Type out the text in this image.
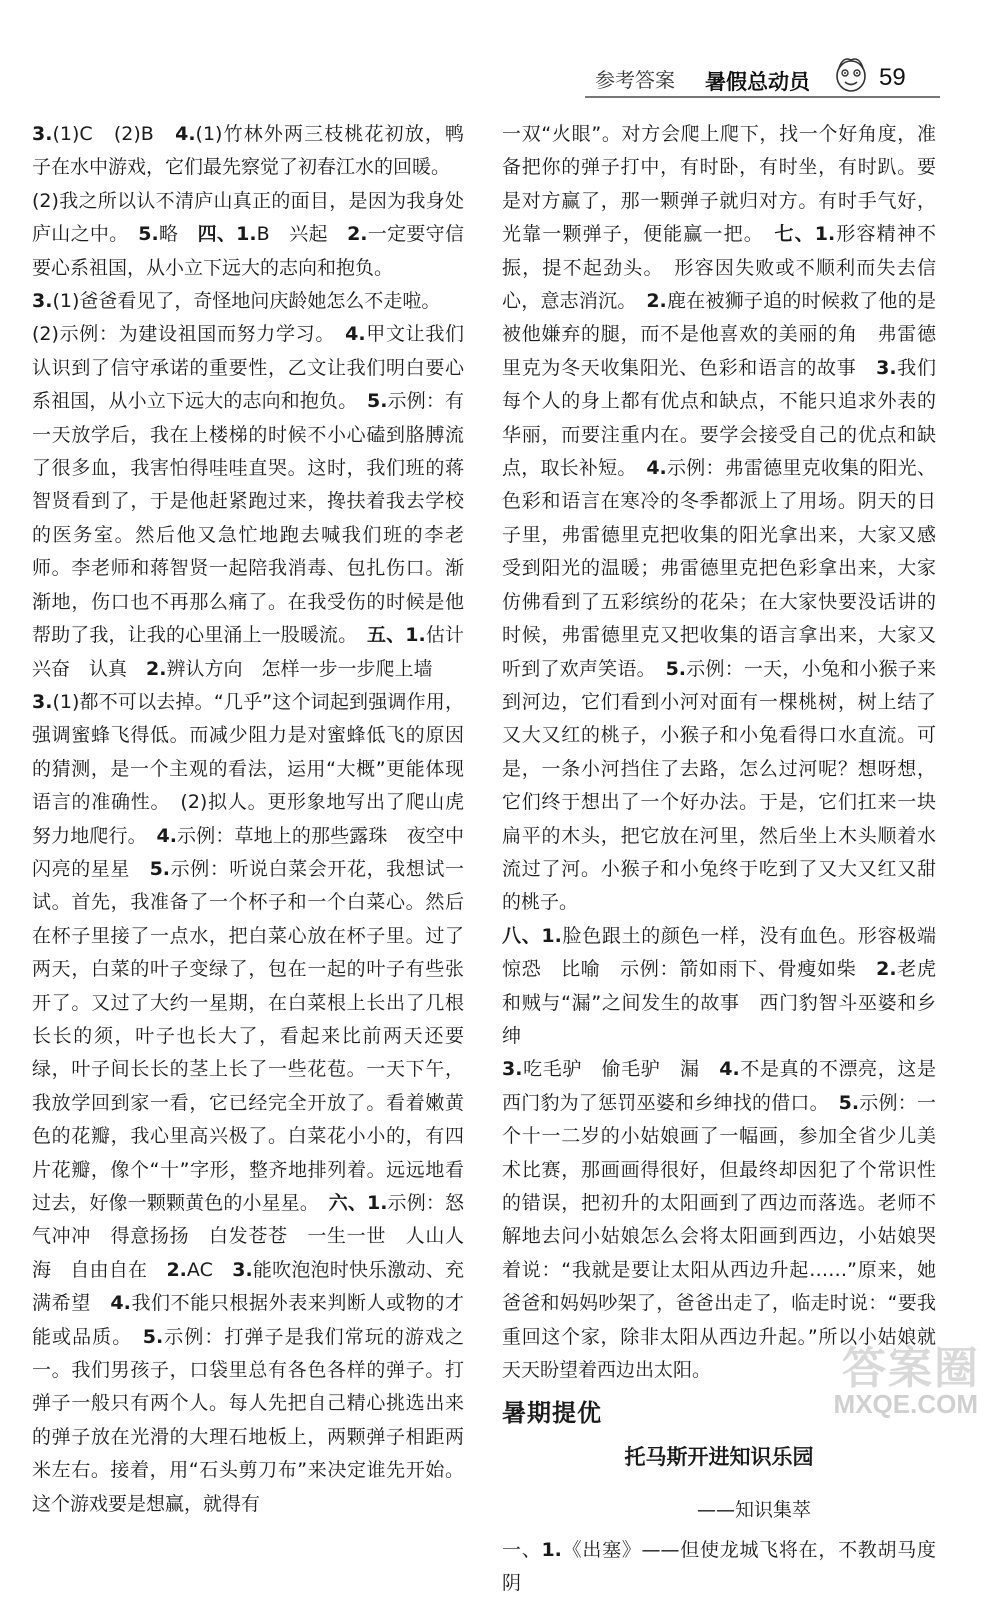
参考答案 暑假总动员	59

3.(1)C　(2)B　4.(1)竹林外两三枝桃花初放，鸭子在水中游戏，它们最先察觉了初春江水的回暖。

(2)我之所以认不清庐山真正的面目，是因为我身处庐山之中。　5.略　四、1.B　兴起　2.一定要守信　要心系祖国，从小立下远大的志向和抱负。

3.(1)爸爸看见了，奇怪地问庆龄她怎么不走啦。

(2)示例：为建设祖国而努力学习。　4.甲文让我们认识到了信守承诺的重要性，乙文让我们明白要心系祖国，从小立下远大的志向和抱负。　5.示例：有一天放学后，我在上楼梯的时候不小心磕到胳膊流了很多血，我害怕得哇哇直哭。这时，我们班的蒋智贤看到了，于是他赶紧跑过来，搀扶着我去学校的医务室。然后他又急忙地跑去喊我们班的李老师。李老师和蒋智贤一起陪我消毒、包扎伤口。渐渐地，伤口也不再那么痛了。在我受伤的时候是他帮助了我，让我的心里涌上一股暖流。　五、1.估计　兴奋　认真　2.辨认方向　怎样一步一步爬上墙

3.(1)都不可以去掉。“几乎”这个词起到强调作用，强调蜜蜂飞得低。而减少阻力是对蜜蜂低飞的原因的猜测，是一个主观的看法，运用“大概”更能体现语言的准确性。　(2)拟人。更形象地写出了爬山虎努力地爬行。　4.示例：草地上的那些露珠　夜空中闪亮的星星　5.示例：听说白菜会开花，我想试一试。首先，我准备了一个杯子和一个白菜心。然后在杯子里接了一点水，把白菜心放在杯子里。过了两天，白菜的叶子变绿了，包在一起的叶子有些张开了。又过了大约一星期，在白菜根上长出了几根长长的须，叶子也长大了，看起来比前两天还要绿，叶子间长长的茎上长了一些花苞。一天下午，我放学回到家一看，它已经完全开放了。看着嫩黄色的花瓣，我心里高兴极了。白菜花小小的，有四片花瓣，像个“十”字形，整齐地排列着。远远地看过去，好像一颗颗黄色的小星星。　六、1.示例：怒气冲冲　得意扬扬　白发苍苍　一生一世　人山人海　自由自在　2.AC　3.能吹泡泡时快乐激动、充满希望　4.我们不能只根据外表来判断人或物的才能或品质。　5.示例：打弹子是我们常玩的游戏之一。我们男孩子，口袋里总有各色各样的弹子。打弹子一般只有两个人。每人先把自己精心挑选出来的弹子放在光滑的大理石地板上，两颗弹子相距两米左右。接着，用“石头剪刀布”来决定谁先开始。这个游戏要是想赢，就得有

一双“火眼”。对方会爬上爬下，找一个好角度，准备把你的弹子打中，有时卧，有时坐，有时趴。要是对方赢了，那一颗弹子就归对方。有时手气好，光靠一颗弹子，便能赢一把。　七、1.形容精神不振，提不起劲头。　形容因失败或不顺利而失去信心，意志消沉。　2.鹿在被狮子追的时候救了他的是被他嫌弃的腿，而不是他喜欢的美丽的角　弗雷德里克为冬天收集阳光、色彩和语言的故事　3.我们每个人的身上都有优点和缺点，不能只追求外表的华丽，而要注重内在。要学会接受自己的优点和缺点，取长补短。　4.示例：弗雷德里克收集的阳光、色彩和语言在寒冷的冬季都派上了用场。阴天的日子里，弗雷德里克把收集的阳光拿出来，大家又感受到阳光的温暖；弗雷德里克把色彩拿出来，大家仿佛看到了五彩缤纷的花朵；在大家快要没话讲的时候，弗雷德里克又把收集的语言拿出来，大家又听到了欢声笑语。　5.示例：一天，小兔和小猴子来到河边，它们看到小河对面有一棵桃树，树上结了又大又红的桃子，小猴子和小兔看得口水直流。可是，一条小河挡住了去路，怎么过河呢？想呀想，它们终于想出了一个好办法。于是，它们扛来一块扁平的木头，把它放在河里，然后坐上木头顺着水流过了河。小猴子和小兔终于吃到了又大又红又甜的桃子。

八、1.脸色跟土的颜色一样，没有血色。形容极端惊恐　比喻　示例：箭如雨下、骨瘦如柴　2.老虎和贼与“漏”之间发生的故事　西门豹智斗巫婆和乡绅

3.吃毛驴　偷毛驴　漏　4.不是真的不漂亮，这是西门豹为了惩罚巫婆和乡绅找的借口。　5.示例：一个十一二岁的小姑娘画了一幅画，参加全省少儿美术比赛，那画画得很好，但最终却因犯了个常识性的错误，把初升的太阳画到了西边而落选。老师不解地去问小姑娘怎么会将太阳画到西边，小姑娘哭着说：“我就是要让太阳从西边升起……”原来，她爸爸和妈妈吵架了，爸爸出走了，临走时说：“要我重回这个家，除非太阳从西边升起。”所以小姑娘就天天盼望着西边出太阳。

暑期提优
托马斯开进知识乐园
——知识集萃

一、1.《出塞》——但使龙城飞将在，不教胡马度阴

答案圈
MXQE.COM
